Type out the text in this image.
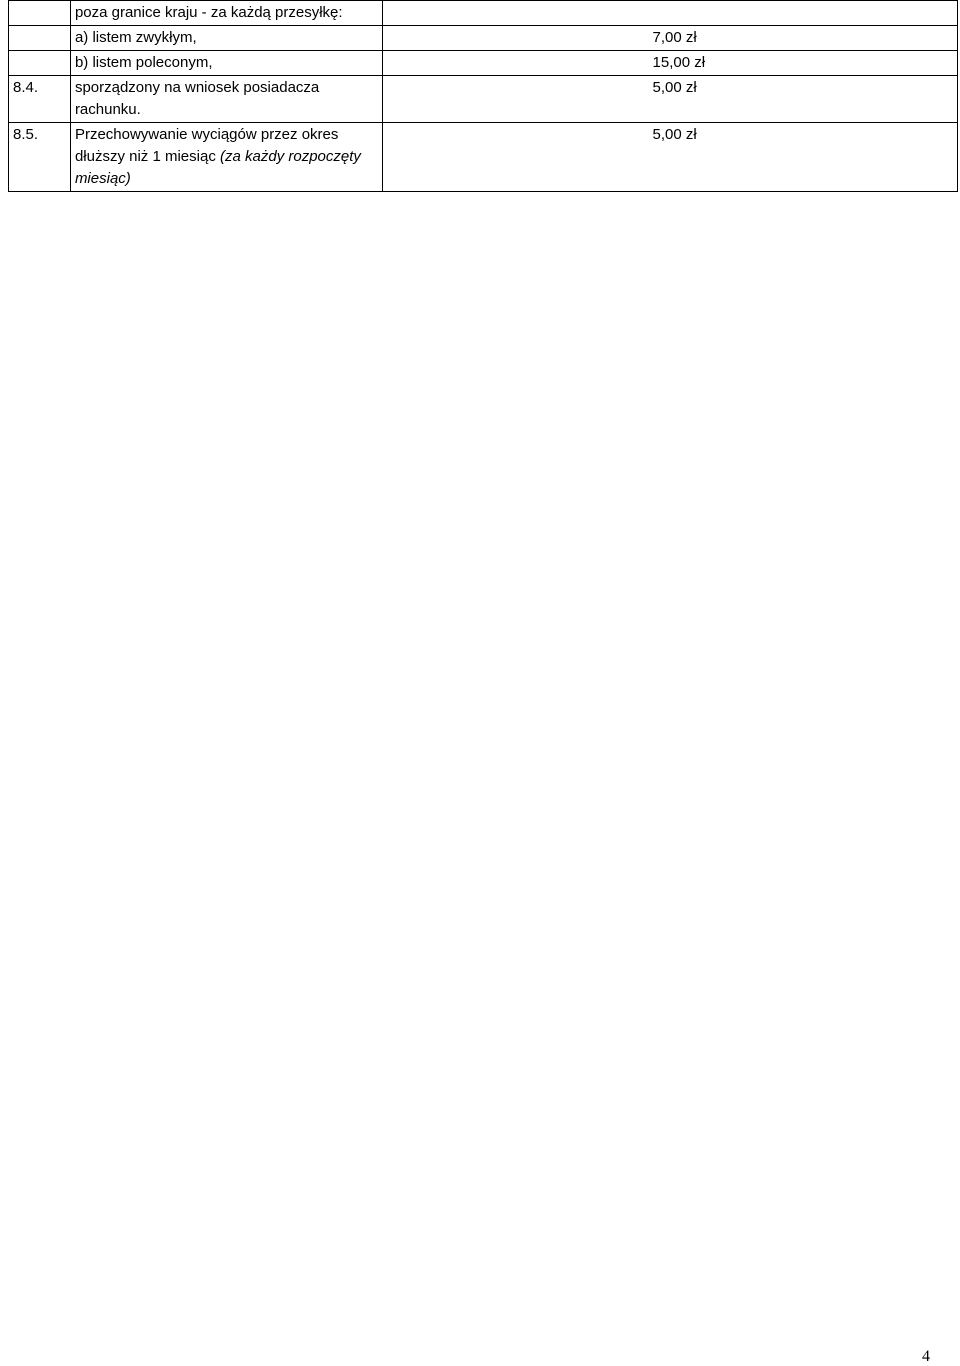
	poza granice kraju - za każdą przesyłkę:	
	a) listem zwykłym,	7,00 zł
	b) listem poleconym,	15,00 zł
8.4.	sporządzony na wniosek posiadacza rachunku.	5,00 zł
8.5.	Przechowywanie wyciągów przez okres dłuższy niż 1 miesiąc (za każdy rozpoczęty miesiąc)	5,00 zł
4
